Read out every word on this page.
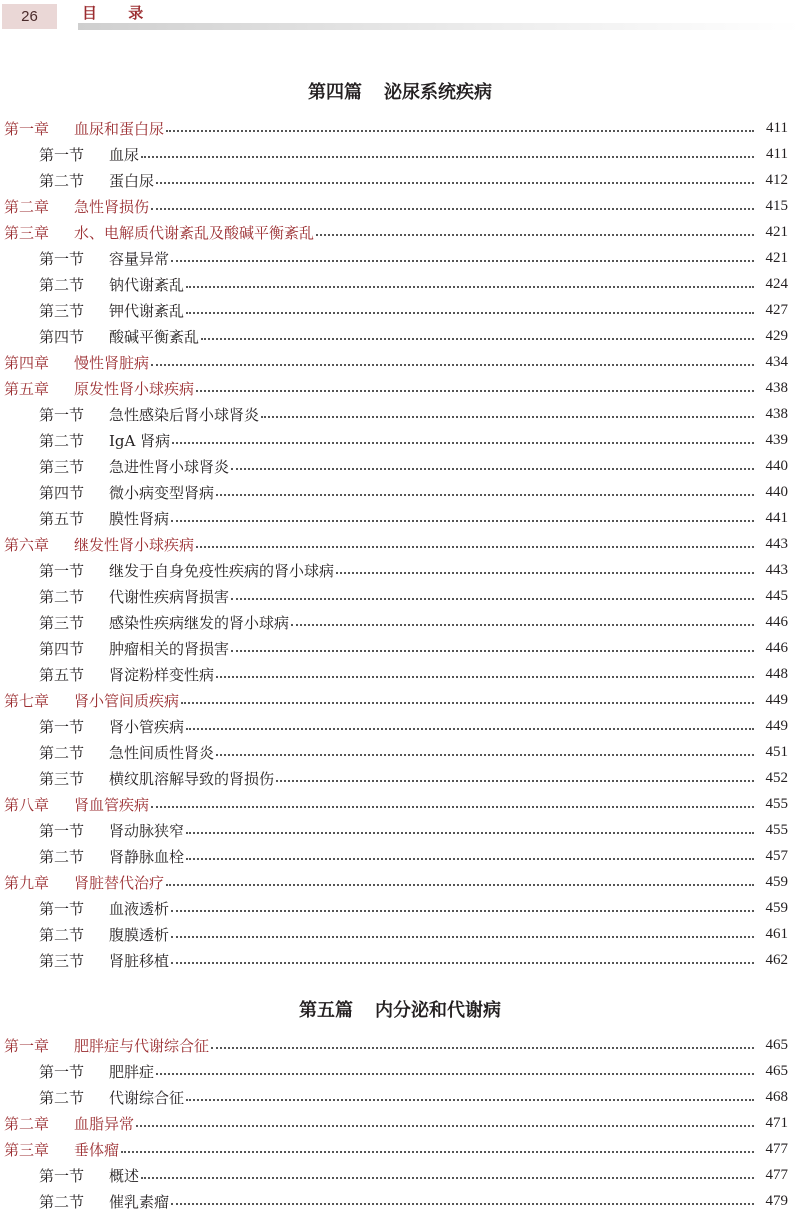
26	目 录
第四篇 泌尿系统疾病
第一章	血尿和蛋白尿	411
第一节	血尿	411
第二节	蛋白尿	412
第二章	急性肾损伤	415
第三章	水、电解质代谢紊乱及酸碱平衡紊乱	421
第一节	容量异常	421
第二节	钠代谢紊乱	424
第三节	钾代谢紊乱	427
第四节	酸碱平衡紊乱	429
第四章	慢性肾脏病	434
第五章	原发性肾小球疾病	438
第一节	急性感染后肾小球肾炎	438
第二节	IgA 肾病	439
第三节	急进性肾小球肾炎	440
第四节	微小病变型肾病	440
第五节	膜性肾病	441
第六章	继发性肾小球疾病	443
第一节	继发于自身免疫性疾病的肾小球病	443
第二节	代谢性疾病肾损害	445
第三节	感染性疾病继发的肾小球病	446
第四节	肿瘤相关的肾损害	446
第五节	肾淀粉样变性病	448
第七章	肾小管间质疾病	449
第一节	肾小管疾病	449
第二节	急性间质性肾炎	451
第三节	横纹肌溶解导致的肾损伤	452
第八章	肾血管疾病	455
第一节	肾动脉狭窄	455
第二节	肾静脉血栓	457
第九章	肾脏替代治疗	459
第一节	血液透析	459
第二节	腹膜透析	461
第三节	肾脏移植	462
第五篇 内分泌和代谢病
第一章	肥胖症与代谢综合征	465
第一节	肥胖症	465
第二节	代谢综合征	468
第二章	血脂异常	471
第三章	垂体瘤	477
第一节	概述	477
第二节	催乳素瘤	479
